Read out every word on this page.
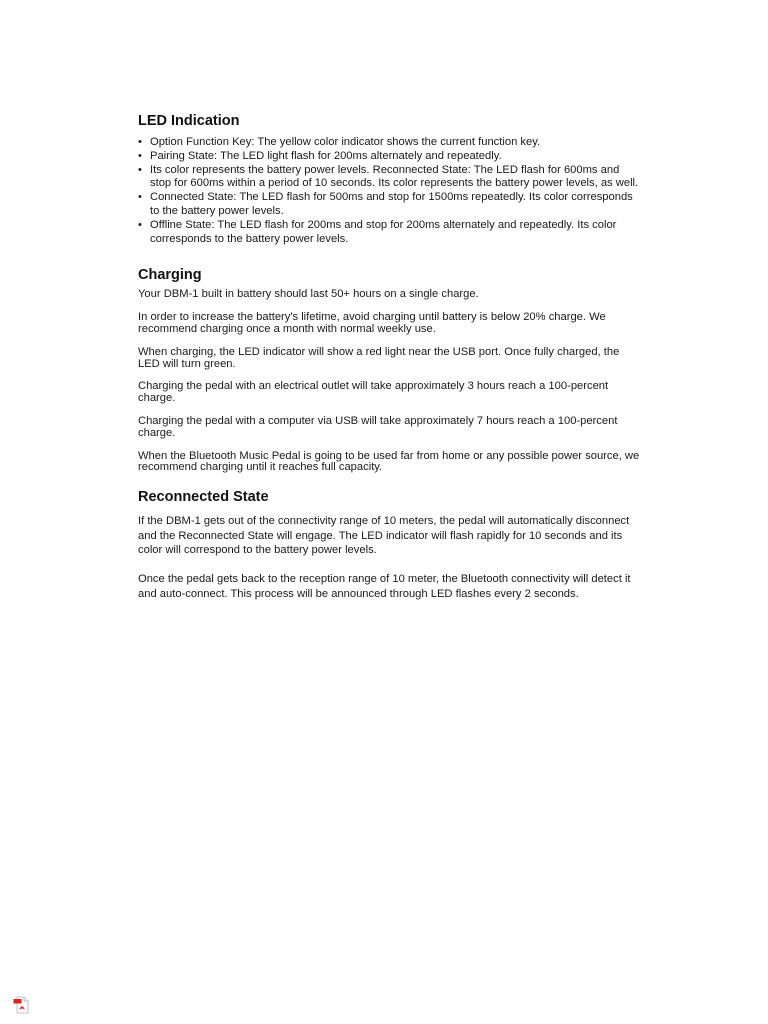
LED Indication
• Option Function Key: The yellow color indicator shows the current function key.
• Pairing State: The LED light flash for 200ms alternately and repeatedly.
• Its color represents the battery power levels. Reconnected State: The LED flash for 600ms and stop for 600ms within a period of 10 seconds. Its color represents the battery power levels, as well.
• Connected State: The LED flash for 500ms and stop for 1500ms repeatedly. Its color corresponds to the battery power levels.
• Offline State: The LED flash for 200ms and stop for 200ms alternately and repeatedly. Its color corresponds to the battery power levels.
Charging

Your DBM-1 built in battery should last 50+ hours on a single charge.

In order to increase the battery's lifetime, avoid charging until battery is below 20% charge. We recommend charging once a month with normal weekly use.

When charging, the LED indicator will show a red light near the USB port. Once fully charged, the LED will turn green.

Charging the pedal with an electrical outlet will take approximately 3 hours reach a 100-percent charge.

Charging the pedal with a computer via USB will take approximately 7 hours reach a 100-percent charge.

When the Bluetooth Music Pedal is going to be used far from home or any possible power source, we recommend charging until it reaches full capacity.

Reconnected State

If the DBM-1 gets out of the connectivity range of 10 meters, the pedal will automatically disconnect and the Reconnected State will engage. The LED indicator will flash rapidly for 10 seconds and its color will correspond to the battery power levels.

Once the pedal gets back to the reception range of 10 meter, the Bluetooth connectivity will detect it and auto-connect. This process will be announced through LED flashes every 2 seconds.
